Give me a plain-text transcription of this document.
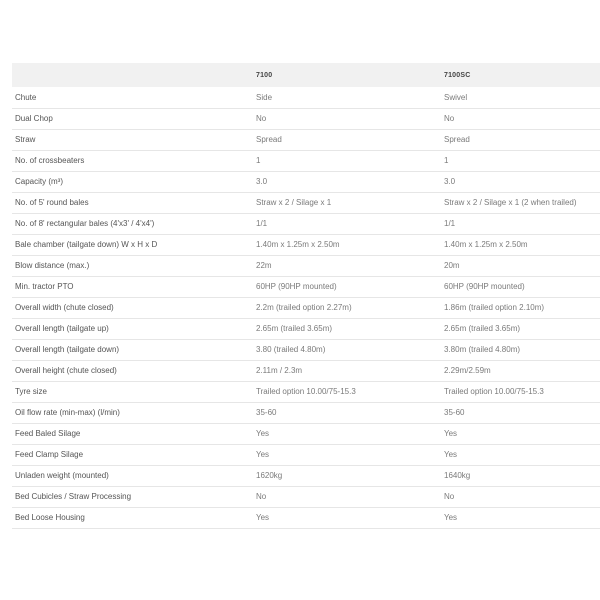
	7100	7100SC
Chute	Side	Swivel
Dual Chop	No	No
Straw	Spread	Spread
No. of crossbeaters	1	1
Capacity (m³)	3.0	3.0
No. of 5' round bales	Straw x 2 / Silage x 1	Straw x 2 / Silage x 1 (2 when trailed)
No. of 8' rectangular bales (4'x3' / 4'x4')	1/1	1/1
Bale chamber (tailgate down) W x H x D	1.40m x 1.25m x 2.50m	1.40m x 1.25m x 2.50m
Blow distance (max.)	22m	20m
Min. tractor PTO	60HP (90HP mounted)	60HP (90HP mounted)
Overall width (chute closed)	2.2m (trailed option 2.27m)	1.86m (trailed option 2.10m)
Overall length (tailgate up)	2.65m (trailed 3.65m)	2.65m (trailed 3.65m)
Overall length (tailgate down)	3.80 (trailed 4.80m)	3.80m (trailed 4.80m)
Overall height (chute closed)	2.11m / 2.3m	2.29m/2.59m
Tyre size	Trailed option 10.00/75-15.3	Trailed option 10.00/75-15.3
Oil flow rate (min-max) (l/min)	35-60	35-60
Feed Baled Silage	Yes	Yes
Feed Clamp Silage	Yes	Yes
Unladen weight (mounted)	1620kg	1640kg
Bed Cubicles / Straw Processing	No	No
Bed Loose Housing	Yes	Yes
